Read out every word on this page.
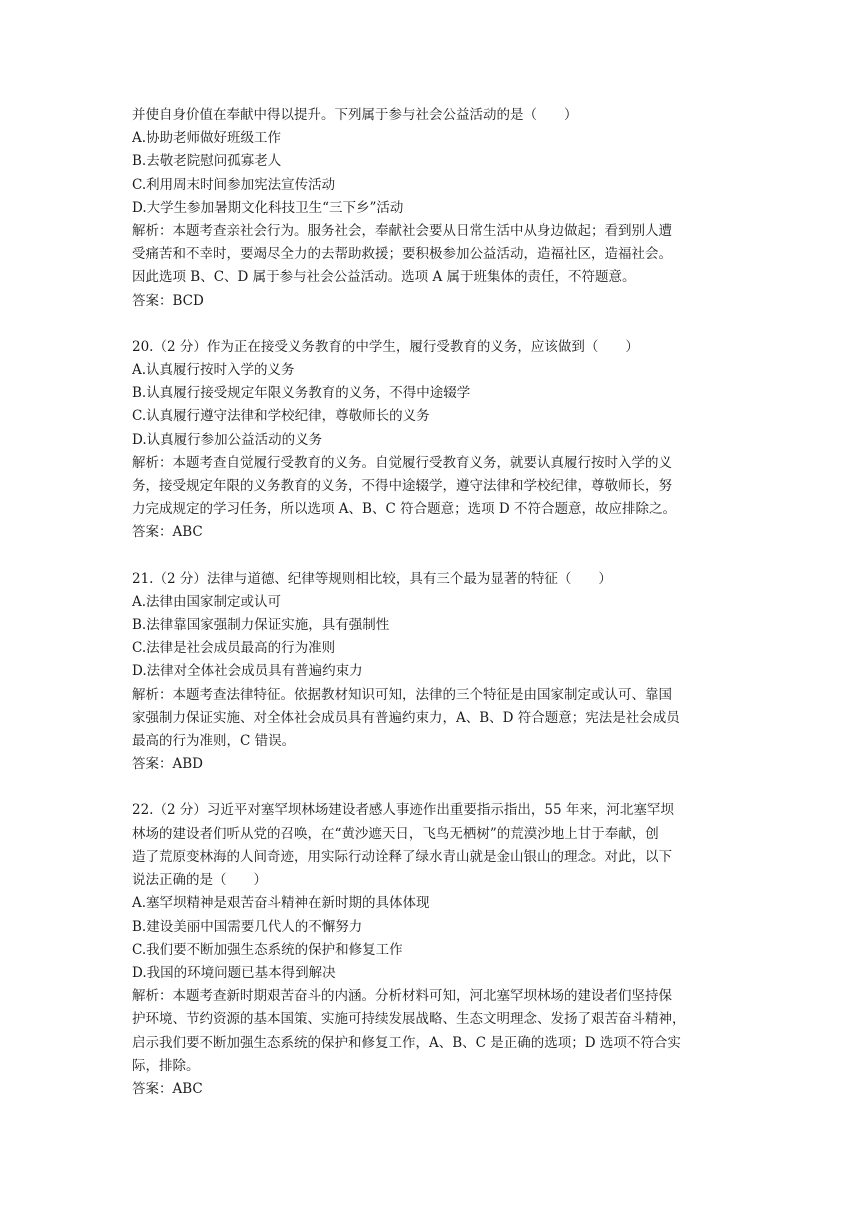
并使自身价值在奉献中得以提升。下列属于参与社会公益活动的是（　　）

A.协助老师做好班级工作

B.去敬老院慰问孤寡老人

C.利用周末时间参加宪法宣传活动

D.大学生参加暑期文化科技卫生“三下乡”活动

解析：本题考查亲社会行为。服务社会，奉献社会要从日常生活中从身边做起；看到别人遭

受痛苦和不幸时，要竭尽全力的去帮助救援；要积极参加公益活动，造福社区，造福社会。

因此选项 B、C、D 属于参与社会公益活动。选项 A 属于班集体的责任，不符题意。

答案：BCD

20.（2 分）作为正在接受义务教育的中学生，履行受教育的义务，应该做到（　　）

A.认真履行按时入学的义务

B.认真履行接受规定年限义务教育的义务，不得中途辍学

C.认真履行遵守法律和学校纪律，尊敬师长的义务

D.认真履行参加公益活动的义务

解析：本题考查自觉履行受教育的义务。自觉履行受教育义务，就要认真履行按时入学的义

务，接受规定年限的义务教育的义务，不得中途辍学，遵守法律和学校纪律，尊敬师长，努

力完成规定的学习任务，所以选项 A、B、C 符合题意；选项 D 不符合题意，故应排除之。

答案：ABC

21.（2 分）法律与道德、纪律等规则相比较，具有三个最为显著的特征（　　）

A.法律由国家制定或认可

B.法律靠国家强制力保证实施，具有强制性

C.法律是社会成员最高的行为准则

D.法律对全体社会成员具有普遍约束力

解析：本题考查法律特征。依据教材知识可知，法律的三个特征是由国家制定或认可、靠国

家强制力保证实施、对全体社会成员具有普遍约束力，A、B、D 符合题意；宪法是社会成员

最高的行为准则，C 错误。

答案：ABD

22.（2 分）习近平对塞罕坝林场建设者感人事迹作出重要指示指出，55 年来，河北塞罕坝

林场的建设者们听从党的召唤，在“黄沙遮天日，飞鸟无栖树”的荒漠沙地上甘于奉献，创

造了荒原变林海的人间奇迹，用实际行动诠释了绿水青山就是金山银山的理念。对此，以下

说法正确的是（　　）

A.塞罕坝精神是艰苦奋斗精神在新时期的具体体现

B.建设美丽中国需要几代人的不懈努力

C.我们要不断加强生态系统的保护和修复工作

D.我国的环境问题已基本得到解决

解析：本题考查新时期艰苦奋斗的内涵。分析材料可知，河北塞罕坝林场的建设者们坚持保

护环境、节约资源的基本国策、实施可持续发展战略、生态文明理念、发扬了艰苦奋斗精神，

启示我们要不断加强生态系统的保护和修复工作，A、B、C 是正确的选项；D 选项不符合实

际，排除。

答案：ABC
